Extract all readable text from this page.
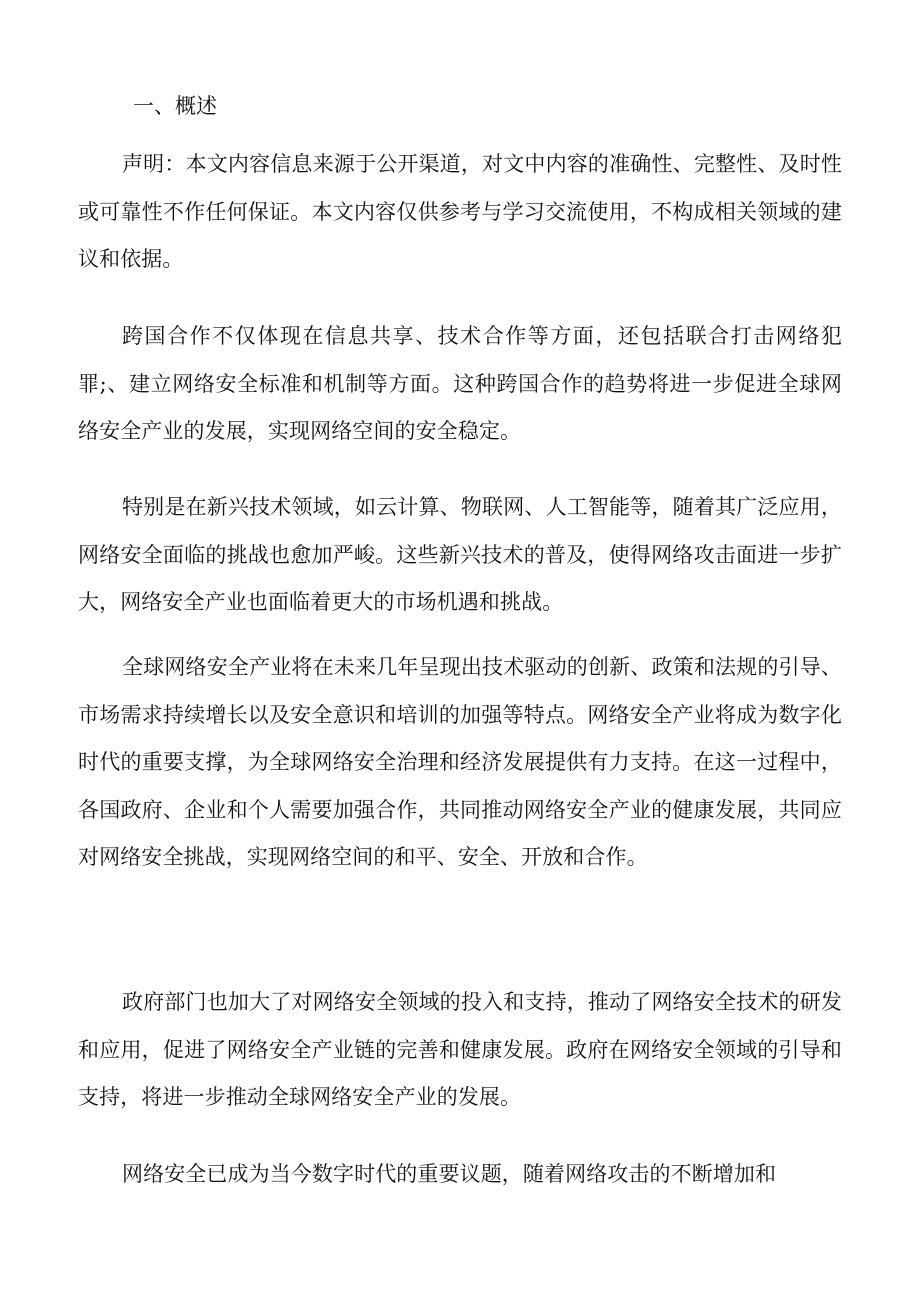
一、概述

声明：本文内容信息来源于公开渠道，对文中内容的准确性、完整性、及时性或可靠性不作任何保证。本文内容仅供参考与学习交流使用，不构成相关领域的建议和依据。

跨国合作不仅体现在信息共享、技术合作等方面，还包括联合打击网络犯罪;、建立网络安全标准和机制等方面。这种跨国合作的趋势将进一步促进全球网络安全产业的发展，实现网络空间的安全稳定。

特别是在新兴技术领域，如云计算、物联网、人工智能等，随着其广泛应用，网络安全面临的挑战也愈加严峻。这些新兴技术的普及，使得网络攻击面进一步扩大，网络安全产业也面临着更大的市场机遇和挑战。

全球网络安全产业将在未来几年呈现出技术驱动的创新、政策和法规的引导、市场需求持续增长以及安全意识和培训的加强等特点。网络安全产业将成为数字化时代的重要支撑，为全球网络安全治理和经济发展提供有力支持。在这一过程中，各国政府、企业和个人需要加强合作，共同推动网络安全产业的健康发展，共同应对网络安全挑战，实现网络空间的和平、安全、开放和合作。

政府部门也加大了对网络安全领域的投入和支持，推动了网络安全技术的研发和应用，促进了网络安全产业链的完善和健康发展。政府在网络安全领域的引导和支持，将进一步推动全球网络安全产业的发展。

网络安全已成为当今数字时代的重要议题，随着网络攻击的不断增加和
